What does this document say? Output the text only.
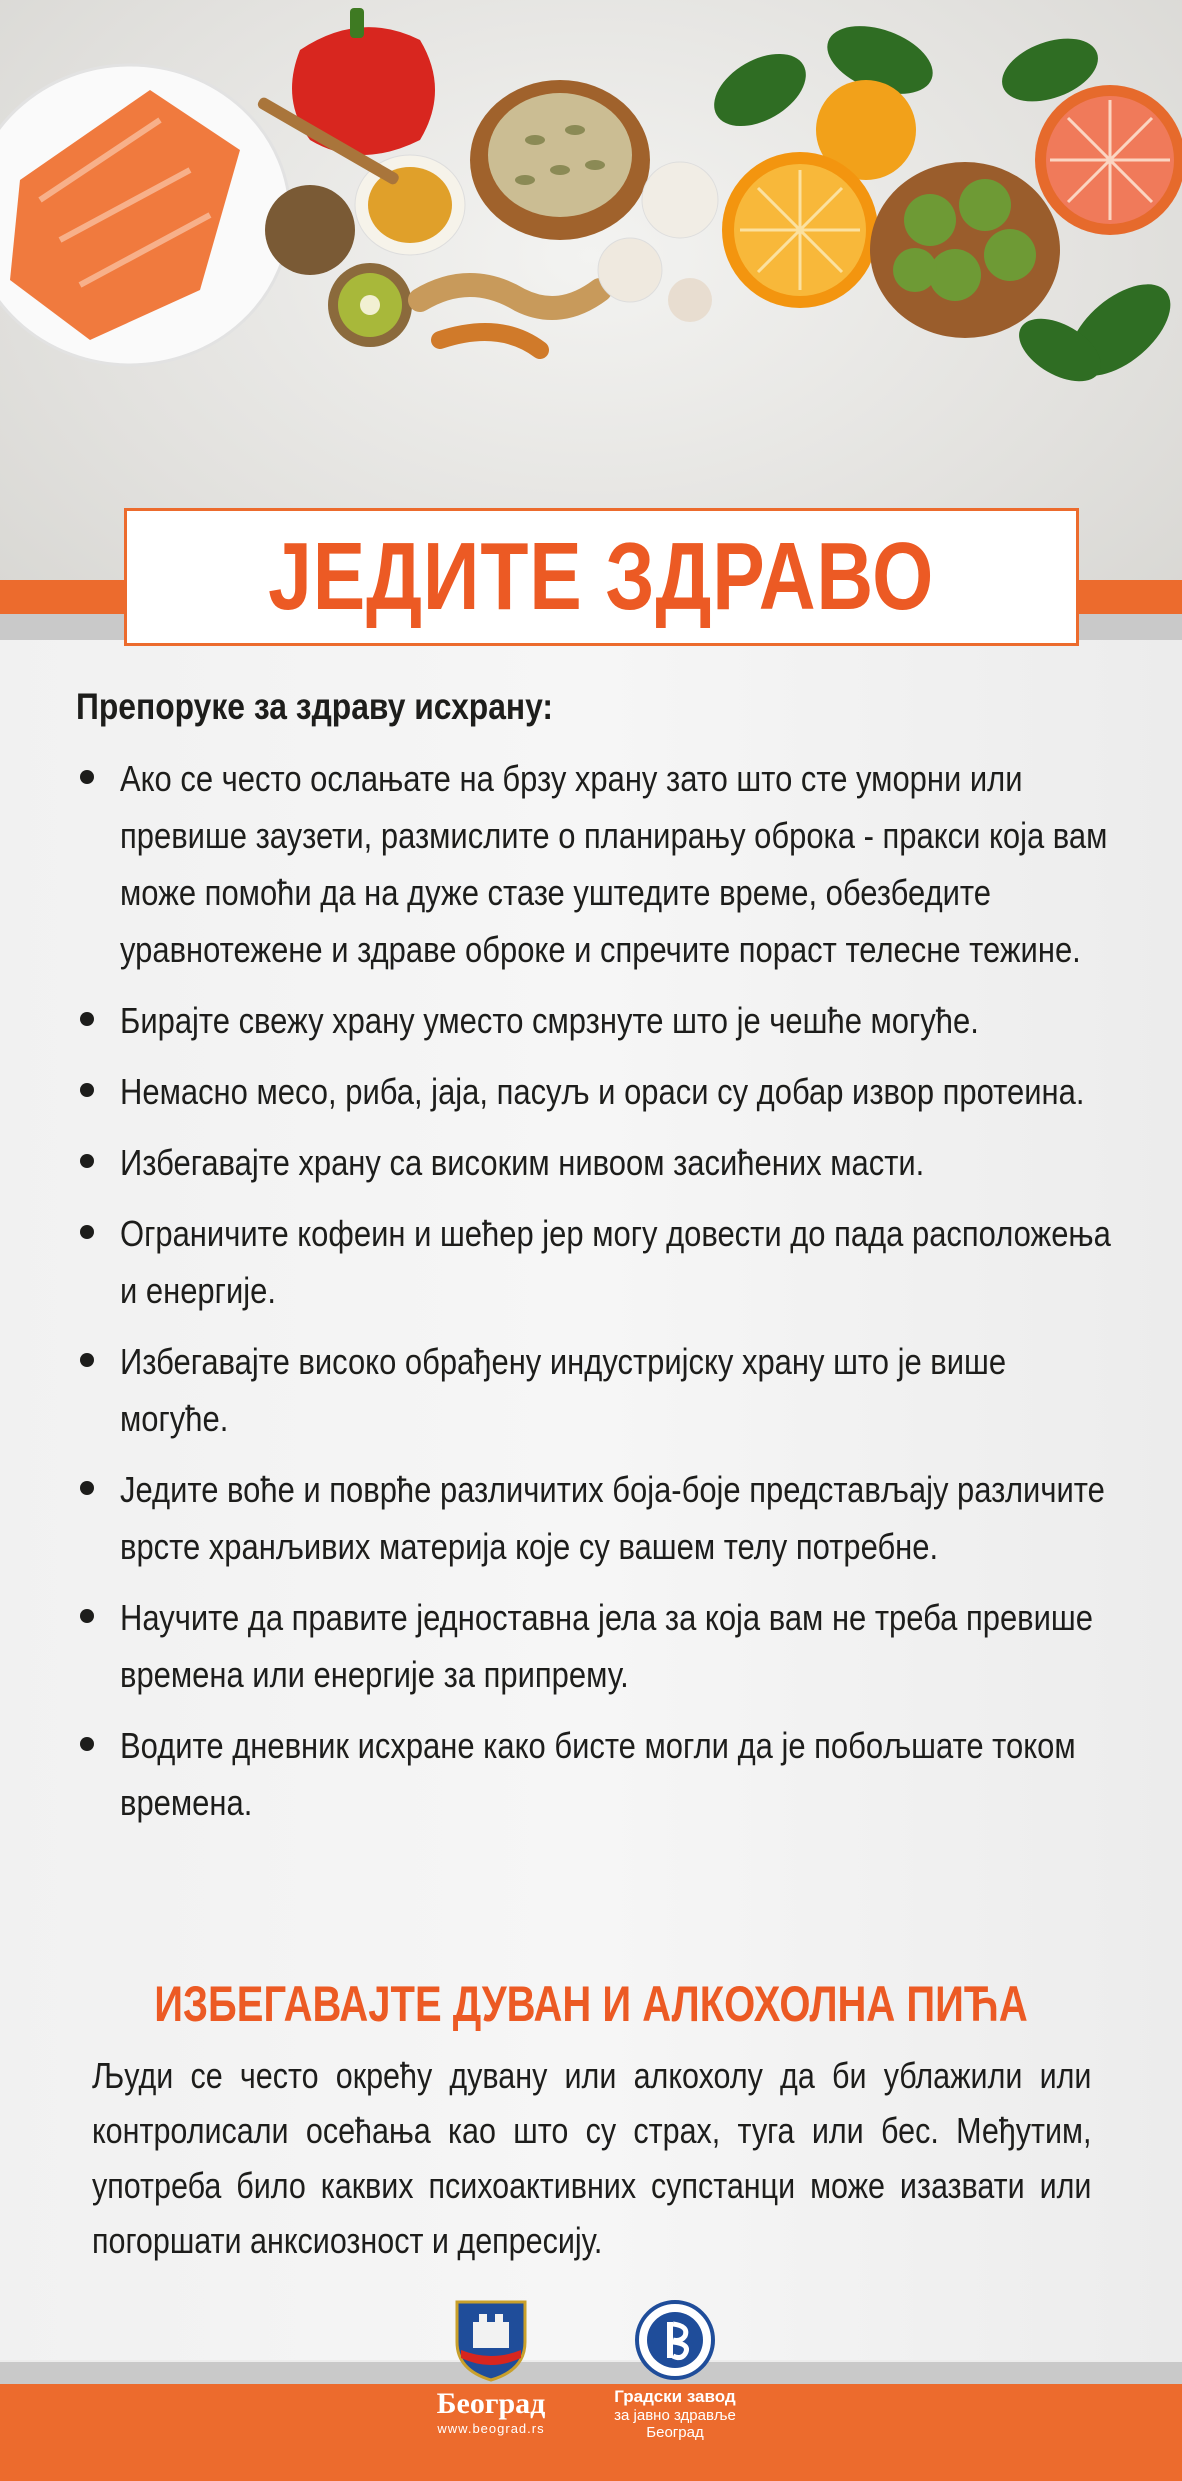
ЈЕДИТЕ ЗДРАВО
Препоруке за здраву исхрану:
Ако се често ослањате на брзу храну зато што сте уморни или превише заузети, размислите о планирању оброка - пракси која вам може помоћи да на дуже стазе уштедите време, обезбедите уравнотежене и здраве оброке и спречите пораст телесне тежине.
Бирајте свежу храну уместо смрзнуте што је чешће могуће.
Немасно месо, риба, јаја, пасуљ и ораси су добар извор протеина.
Избегавајте храну са високим нивоом засићених масти.
Ограничите кофеин и шећер јер могу довести до пада расположења и енергије.
Избегавајте високо обрађену индустријску храну што је више могуће.
Једите воће и поврће различитих боја-боје представљају различите врсте хранљивих материја које су вашем телу потребне.
Научите да правите једноставна јела за која вам не треба превише времена или енергије за припрему.
Водите дневник исхране како бисте могли да је побољшате током времена.
ИЗБЕГАВАЈТЕ ДУВАН И АЛКОХОЛНА ПИЋА
Људи се често окрећу дувану или алкохолу да би ублажили или контролисали осећања као што су страх, туга или бес. Међутим, употреба било каквих психоактивних супстанци може изазвати или погоршати анксиозност и депресију.
Београд
www.beograd.rs
Градски завод
за јавно здравље
Београд
